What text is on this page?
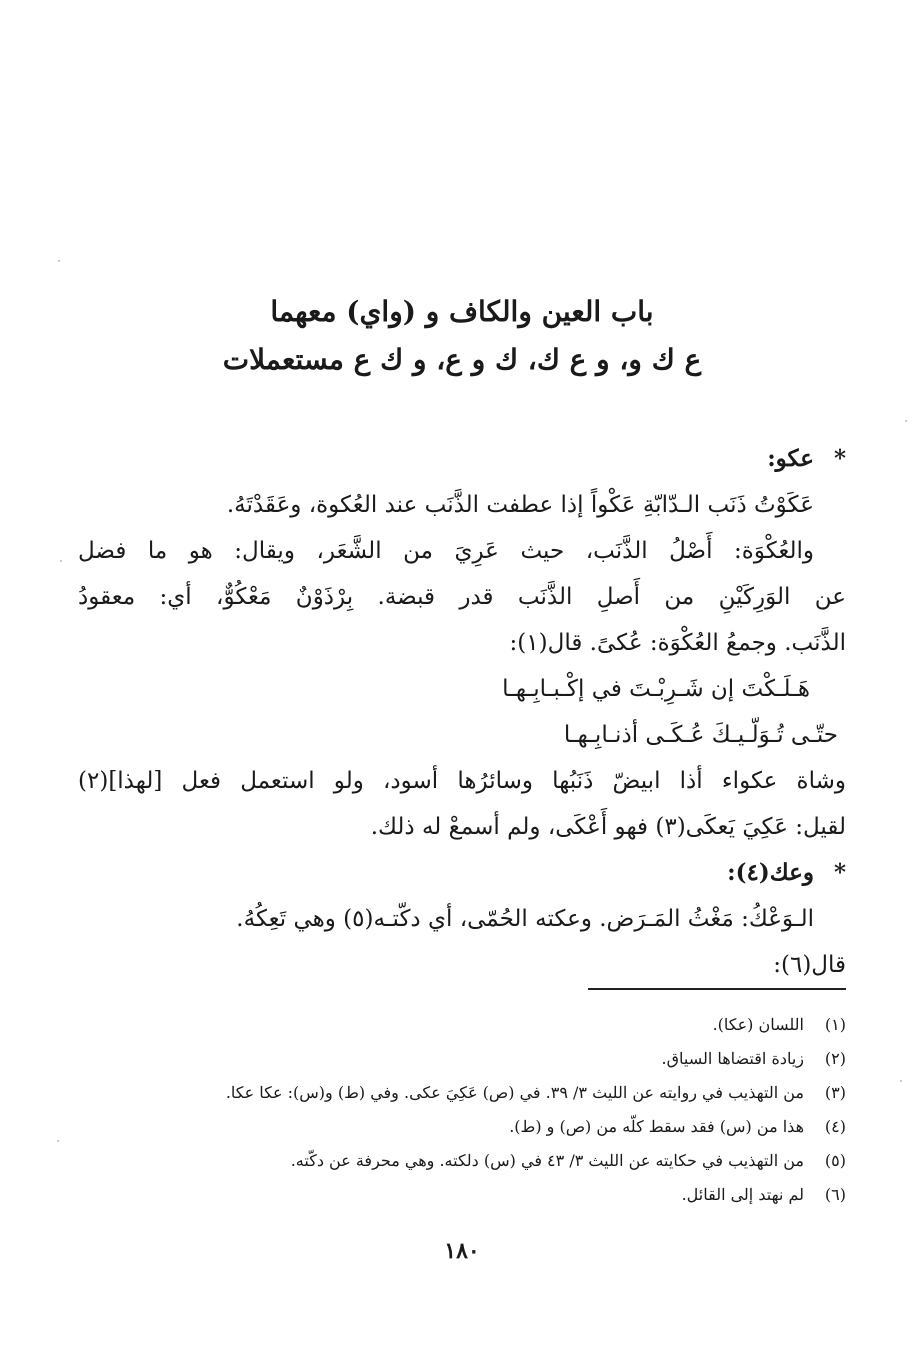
باب العين والكاف و (واي) معهما
ع ك و، و ع ك، ك و ع، و ك ع مستعملات
*عكو:
عَكَوْتُ ذَنَب الـدّابّةِ عَكْواً إذا عطفت الذَّنَب عند العُكوة، وعَقَدْتَهُ.
والعُكْوَة: أَصْلُ الذَّنَب، حيث عَرِيَ من الشَّعَر، ويقال: هو ما فضل
عن الوَرِكَيْنِ من أَصلِ الذَّنَب قدر قبضة. بِرْذَوْنٌ مَعْكُوٌّ، أي: معقودُ
الذَّنَب. وجمعُ العُكْوَة: عُكىً. قال(١):
هَـلَـكْتَ إن شَـرِبْـتَ في إكْـبـابِـهـا
حتّـى تُـوَلّـيـكَ عُـكَـى أذنـابِـهـا
وشاة عكواء أذا ابيضّ ذَنَبُها وسائرُها أسود، ولو استعمل فعل [لهذا](٢)
لقيل: عَكِيَ يَعكَى(٣) فهو أَعْكَى، ولم أسمعْ له ذلك.
*وعك(٤):
الـوَعْكُ: مَغْثُ المَـرَض. وعكته الحُمّى، أي دكّتـه(٥) وهي تَعِكُهُ.
قال(٦):
(١)
اللسان (عكا).
(٢)
زيادة اقتضاها السياق.
(٣)
من التهذيب في روايته عن الليث ٣/ ٣٩. في (ص) عَكِيَ عكى. وفي (ط) و(س): عكا عكا.
(٤)
هذا من (س) فقد سقط كلّه من (ص) و (ط).
(٥)
من التهذيب في حكايته عن الليث ٣/ ٤٣ في (س) دلكته. وهي محرفة عن دكّته.
(٦)
لم نهتد إلى القائل.
١٨٠
